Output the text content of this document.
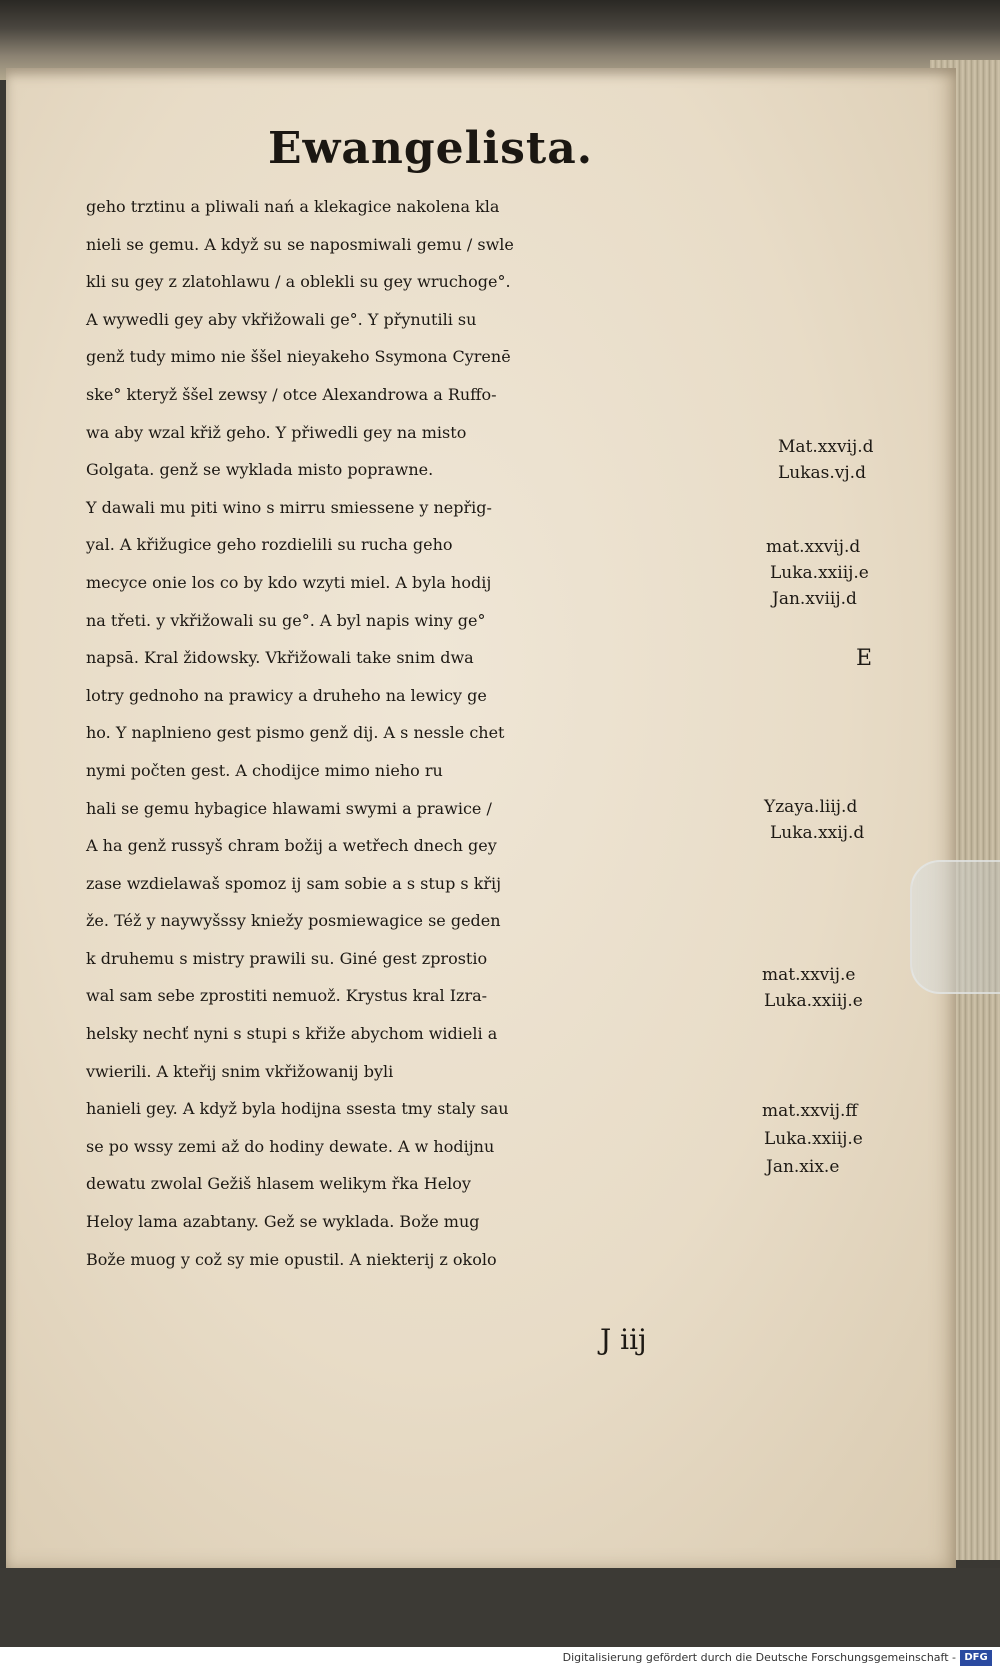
Ewangelista.
geho trztinu a pliwali nań a klekagice nakolena kla
nieli se gemu. A když su se naposmiwali gemu / swle
kli su gey z zlatohlawu / a oblekli su gey wruchoge°.
A wywedli gey aby vkřižowali ge°. Y přynutili su
genž tudy mimo nie ššel nieyakeho Ssymona Cyrenē
ske° kteryž ššel zewsy / otce Alexandrowa a Ruffo-
wa aby wzal křiž geho. Y přiwedli gey na misto
Golgata. genž se wyklada misto poprawne.
Y dawali mu piti wino s mirru smiessene y nepřig-
yal. A křižugice geho rozdielili su rucha geho
mecyce onie los co by kdo wzyti miel. A byla hodij
na třeti. y vkřižowali su ge°. A byl napis winy ge°
napsā. Kral židowsky. Vkřižowali take snim dwa
lotry gednoho na prawicy a druheho na lewicy ge
ho. Y naplnieno gest pismo genž dij. A s nessle chet
nymi počten gest. A chodijce mimo nieho ru
hali se gemu hybagice hlawami swymi a prawice /
A ha genž russyš chram božij a wetřech dnech gey
zase wzdielawaš spomoz ij sam sobie a s stup s křij
že. Též y naywyšssy kniežy posmiewagice se geden
k druhemu s mistry prawili su. Giné gest zprostio
wal sam sebe zprostiti nemuož. Krystus kral Izra-
helsky nechť nyni s stupi s křiže abychom widieli a
vwierili. A kteřij snim vkřižowanij byli
hanieli gey. A když byla hodijna ssesta tmy staly sau
se po wssy zemi až do hodiny dewate. A w hodijnu
dewatu zwolal Gežiš hlasem welikym řka Heloy
Heloy lama azabtany. Gež se wyklada. Bože mug
Bože muog y což sy mie opustil. A niekterij z okolo
Mat.xxvij.d
Lukas.vj.d
mat.xxvij.d
Luka.xxiij.e
Jan.xviij.d
E
Yzaya.liij.d
Luka.xxij.d
mat.xxvij.e
Luka.xxiij.e
mat.xxvij.ff
Luka.xxiij.e
Jan.xix.e
J iij
Digitalisierung gefördert durch die Deutsche Forschungsgemeinschaft - DFG
